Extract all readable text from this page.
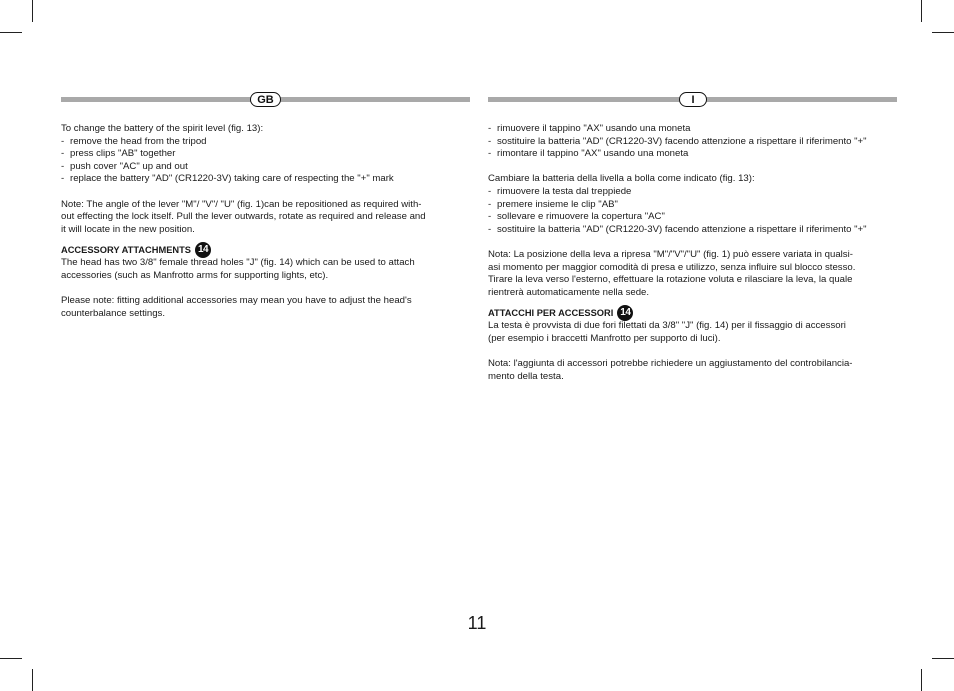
GB
To change the battery of the spirit level (fig. 13):
- remove the head from the tripod
- press clips "AB" together
- push cover "AC" up and out
- replace the battery "AD" (CR1220-3V) taking care of respecting the "+" mark
Note: The angle of the lever "M"/ "V"/ "U" (fig. 1)can be repositioned as required with-
out effecting the lock itself. Pull the lever outwards, rotate as required and release and
it will locate in the new position.
ACCESSORY ATTACHMENTS 14
The head has two 3/8" female thread holes "J" (fig. 14) which can be used to attach
accessories (such as Manfrotto arms for supporting lights, etc).
Please note: fitting additional accessories may mean you have to adjust the head's
counterbalance settings.
I
- rimuovere il tappino "AX" usando una moneta
- sostituire la batteria "AD" (CR1220-3V) facendo attenzione a rispettare il riferimento "+"
- rimontare il tappino "AX" usando una moneta
Cambiare la batteria della livella a bolla come indicato (fig. 13):
- rimuovere la testa dal treppiede
- premere insieme le clip "AB"
- sollevare e rimuovere la copertura "AC"
- sostituire la batteria "AD" (CR1220-3V) facendo attenzione a rispettare il riferimento "+"
Nota: La posizione della leva a ripresa "M"/"V"/"U" (fig. 1) può essere variata in qualsi-
asi momento per maggior comodità di presa e utilizzo, senza influire sul blocco stesso.
Tirare la leva verso l'esterno, effettuare la rotazione voluta e rilasciare la leva, la quale
rientrerà automaticamente nella sede.
ATTACCHI PER ACCESSORI 14
La testa è provvista di due fori filettati da 3/8" "J" (fig. 14) per il fissaggio di accessori
(per esempio i braccetti Manfrotto per supporto di luci).
Nota: l'aggiunta di accessori potrebbe richiedere un aggiustamento del controbilancia-
mento della testa.
11
